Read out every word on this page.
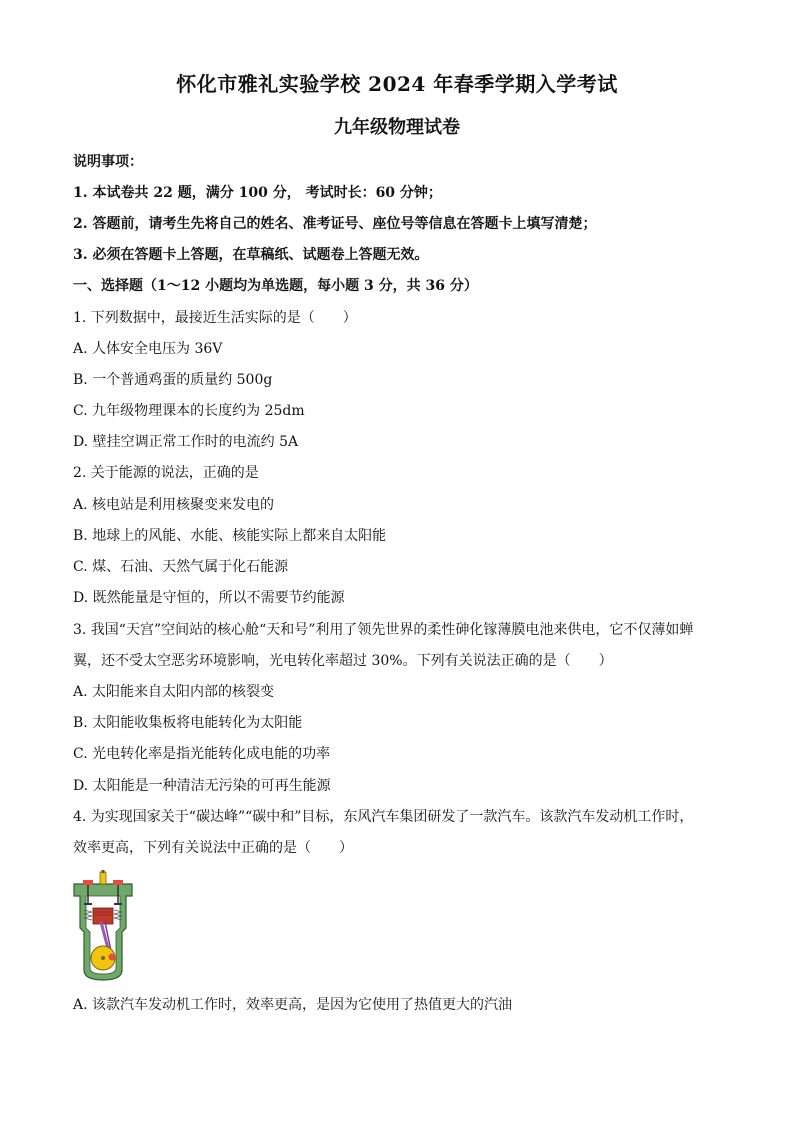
怀化市雅礼实验学校 2024 年春季学期入学考试
九年级物理试卷
说明事项：
1. 本试卷共 22 题，满分 100 分， 考试时长：60 分钟；
2. 答题前，请考生先将自己的姓名、准考证号、座位号等信息在答题卡上填写清楚；
3. 必须在答题卡上答题，在草稿纸、试题卷上答题无效。
一、选择题（1～12 小题均为单选题，每小题 3 分，共 36 分）
1. 下列数据中，最接近生活实际的是（　　）
A. 人体安全电压为 36V
B. 一个普通鸡蛋的质量约 500g
C. 九年级物理课本的长度约为 25dm
D. 壁挂空调正常工作时的电流约 5A
2. 关于能源的说法，正确的是
A. 核电站是利用核聚变来发电的
B. 地球上的风能、水能、核能实际上都来自太阳能
C. 煤、石油、天然气属于化石能源
D. 既然能量是守恒的，所以不需要节约能源
3. 我国“天宫”空间站的核心舱“天和号”利用了领先世界的柔性砷化镓薄膜电池来供电，它不仅薄如蝉
翼，还不受太空恶劣环境影响，光电转化率超过 30%。下列有关说法正确的是（　　）
A. 太阳能来自太阳内部的核裂变
B. 太阳能收集板将电能转化为太阳能
C. 光电转化率是指光能转化成电能的功率
D. 太阳能是一种清洁无污染的可再生能源
4. 为实现国家关于“碳达峰”“碳中和”目标，东风汽车集团研发了一款汽车。该款汽车发动机工作时，
效率更高，下列有关说法中正确的是（　　）
A. 该款汽车发动机工作时，效率更高，是因为它使用了热值更大的汽油
